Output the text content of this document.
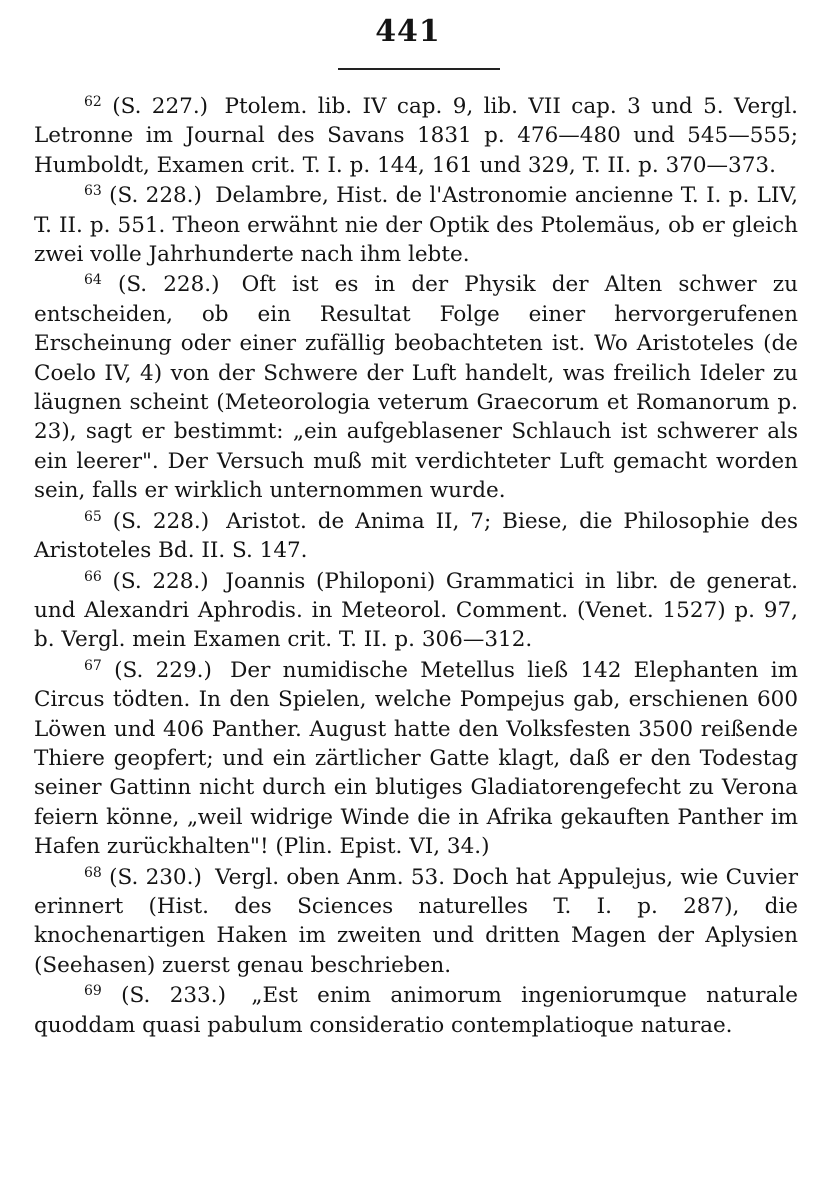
441

$^{62}$ (S. 227.) Ptolem. lib. IV cap. 9, lib. VII cap. 3 und 5. Vergl. Letronne im Journal des Savans 1831 p. 476—480 und 545—555; Humboldt, Examen crit. T. I. p. 144, 161 und 329, T. II. p. 370—373.

$^{63}$ (S. 228.) Delambre, Hist. de l'Astronomie ancienne T. I. p. LIV, T. II. p. 551. Theon erwähnt nie der Optik des Ptolemäus, ob er gleich zwei volle Jahrhunderte nach ihm lebte.

$^{64}$ (S. 228.) Oft ist es in der Physik der Alten schwer zu entscheiden, ob ein Resultat Folge einer hervorgerufenen Erscheinung oder einer zufällig beobachteten ist. Wo Aristoteles (de Coelo IV, 4) von der Schwere der Luft handelt, was freilich Ideler zu läugnen scheint (Meteorologia veterum Graecorum et Romanorum p. 23), sagt er bestimmt: „ein aufgeblasener Schlauch ist schwerer als ein leerer". Der Versuch muß mit verdichteter Luft gemacht worden sein, falls er wirklich unternommen wurde.

$^{65}$ (S. 228.) Aristot. de Anima II, 7; Biese, die Philosophie des Aristoteles Bd. II. S. 147.

$^{66}$ (S. 228.) Joannis (Philoponi) Grammatici in libr. de generat. und Alexandri Aphrodis. in Meteorol. Comment. (Venet. 1527) p. 97, b. Vergl. mein Examen crit. T. II. p. 306—312.

$^{67}$ (S. 229.) Der numidische Metellus ließ 142 Elephanten im Circus tödten. In den Spielen, welche Pompejus gab, erschienen 600 Löwen und 406 Panther. August hatte den Volksfesten 3500 reißende Thiere geopfert; und ein zärtlicher Gatte klagt, daß er den Todestag seiner Gattinn nicht durch ein blutiges Gladiatorengefecht zu Verona feiern könne, „weil widrige Winde die in Afrika gekauften Panther im Hafen zurückhalten"! (Plin. Epist. VI, 34.)

$^{68}$ (S. 230.) Vergl. oben Anm. 53. Doch hat Appulejus, wie Cuvier erinnert (Hist. des Sciences naturelles T. I. p. 287), die knochenartigen Haken im zweiten und dritten Magen der Aplysien (Seehasen) zuerst genau beschrieben.

$^{69}$ (S. 233.) „Est enim animorum ingeniorumque naturale quoddam quasi pabulum consideratio contemplatioque naturae.
